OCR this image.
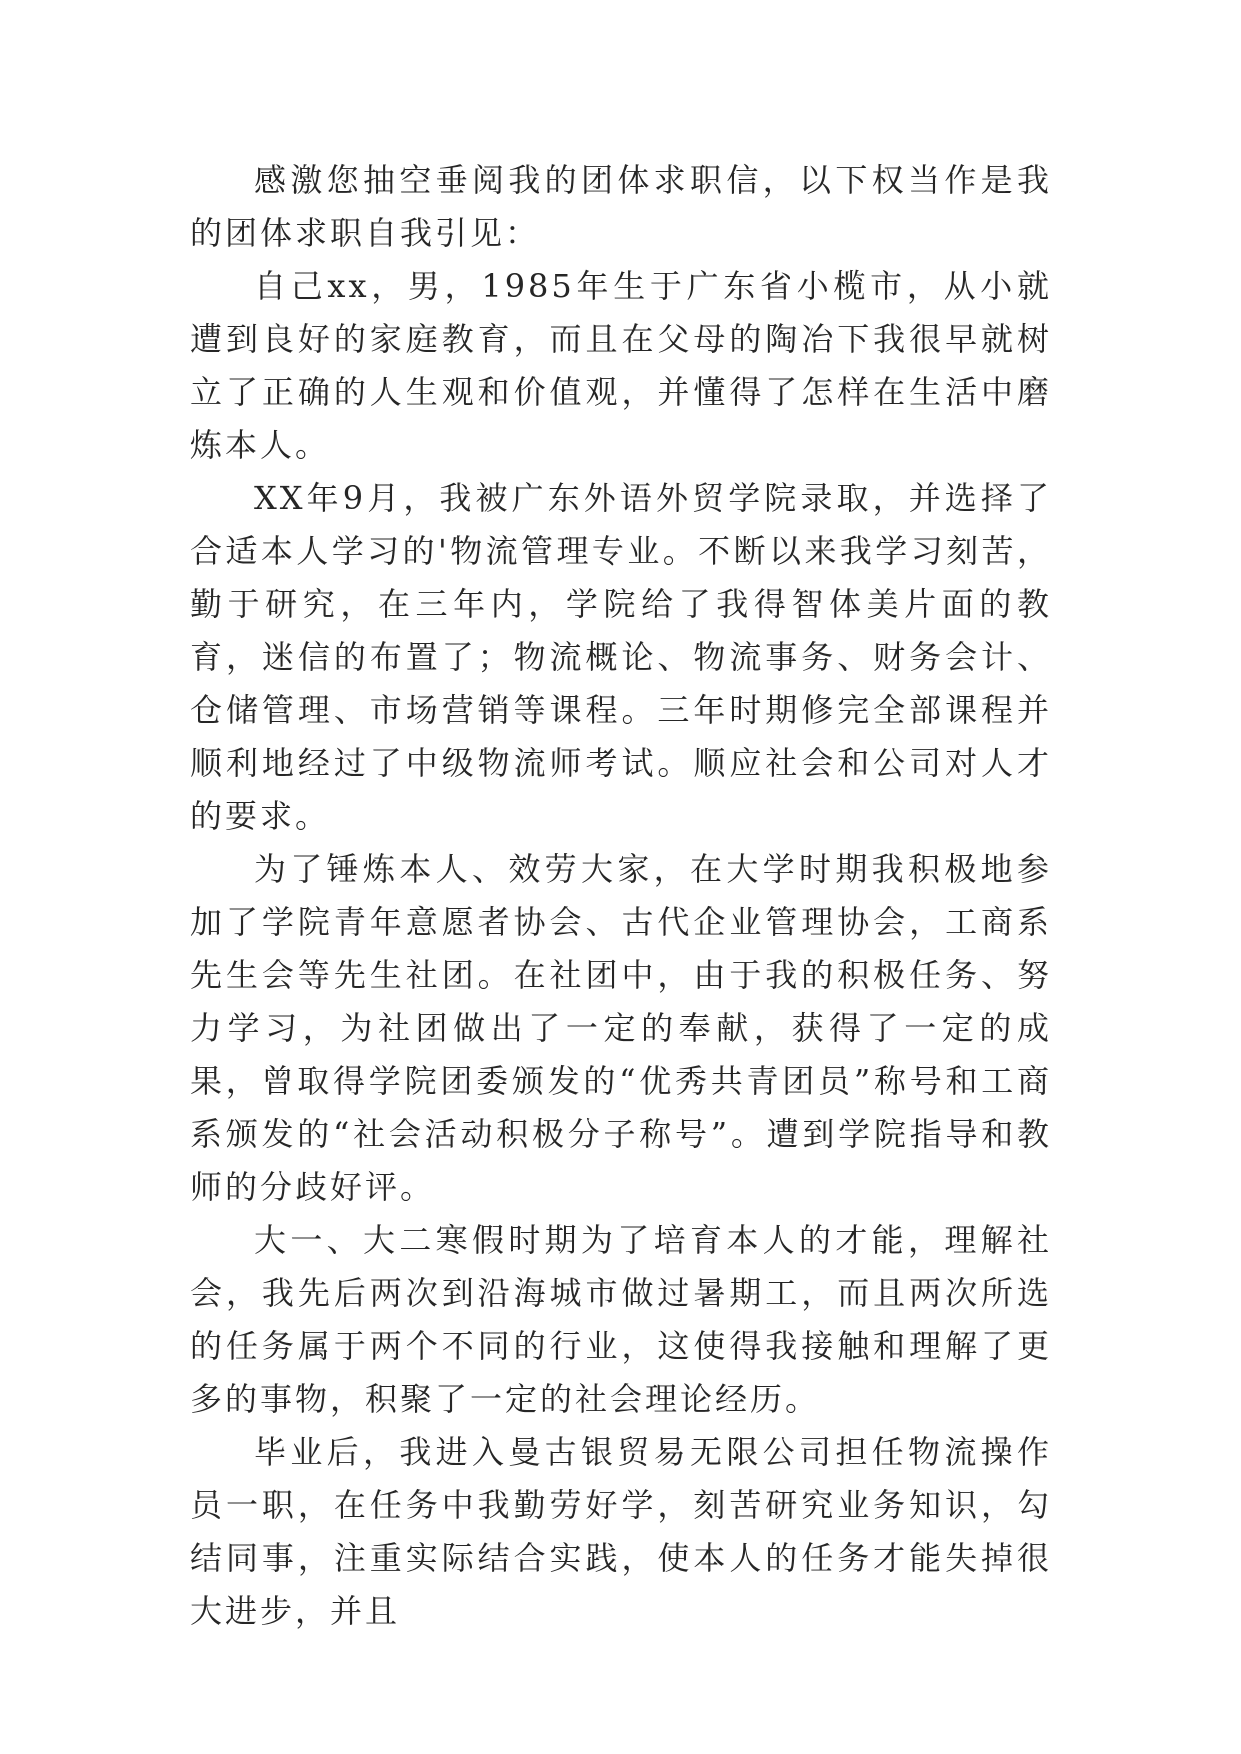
感激您抽空垂阅我的团体求职信，以下权当作是我的团体求职自我引见：

自己xx，男，1985年生于广东省小榄市，从小就遭到良好的家庭教育，而且在父母的陶冶下我很早就树立了正确的人生观和价值观，并懂得了怎样在生活中磨炼本人。

XX年9月，我被广东外语外贸学院录取，并选择了合适本人学习的'物流管理专业。不断以来我学习刻苦，勤于研究，在三年内，学院给了我得智体美片面的教育，迷信的布置了；物流概论、物流事务、财务会计、仓储管理、市场营销等课程。三年时期修完全部课程并顺利地经过了中级物流师考试。顺应社会和公司对人才的要求。

为了锤炼本人、效劳大家，在大学时期我积极地参加了学院青年意愿者协会、古代企业管理协会，工商系先生会等先生社团。在社团中，由于我的积极任务、努力学习，为社团做出了一定的奉献，获得了一定的成果，曾取得学院团委颁发的“优秀共青团员”称号和工商系颁发的“社会活动积极分子称号”。遭到学院指导和教师的分歧好评。

大一、大二寒假时期为了培育本人的才能，理解社会，我先后两次到沿海城市做过暑期工，而且两次所选的任务属于两个不同的行业，这使得我接触和理解了更多的事物，积聚了一定的社会理论经历。

毕业后，我进入曼古银贸易无限公司担任物流操作员一职，在任务中我勤劳好学，刻苦研究业务知识，勾结同事，注重实际结合实践，使本人的任务才能失掉很大进步，并且
